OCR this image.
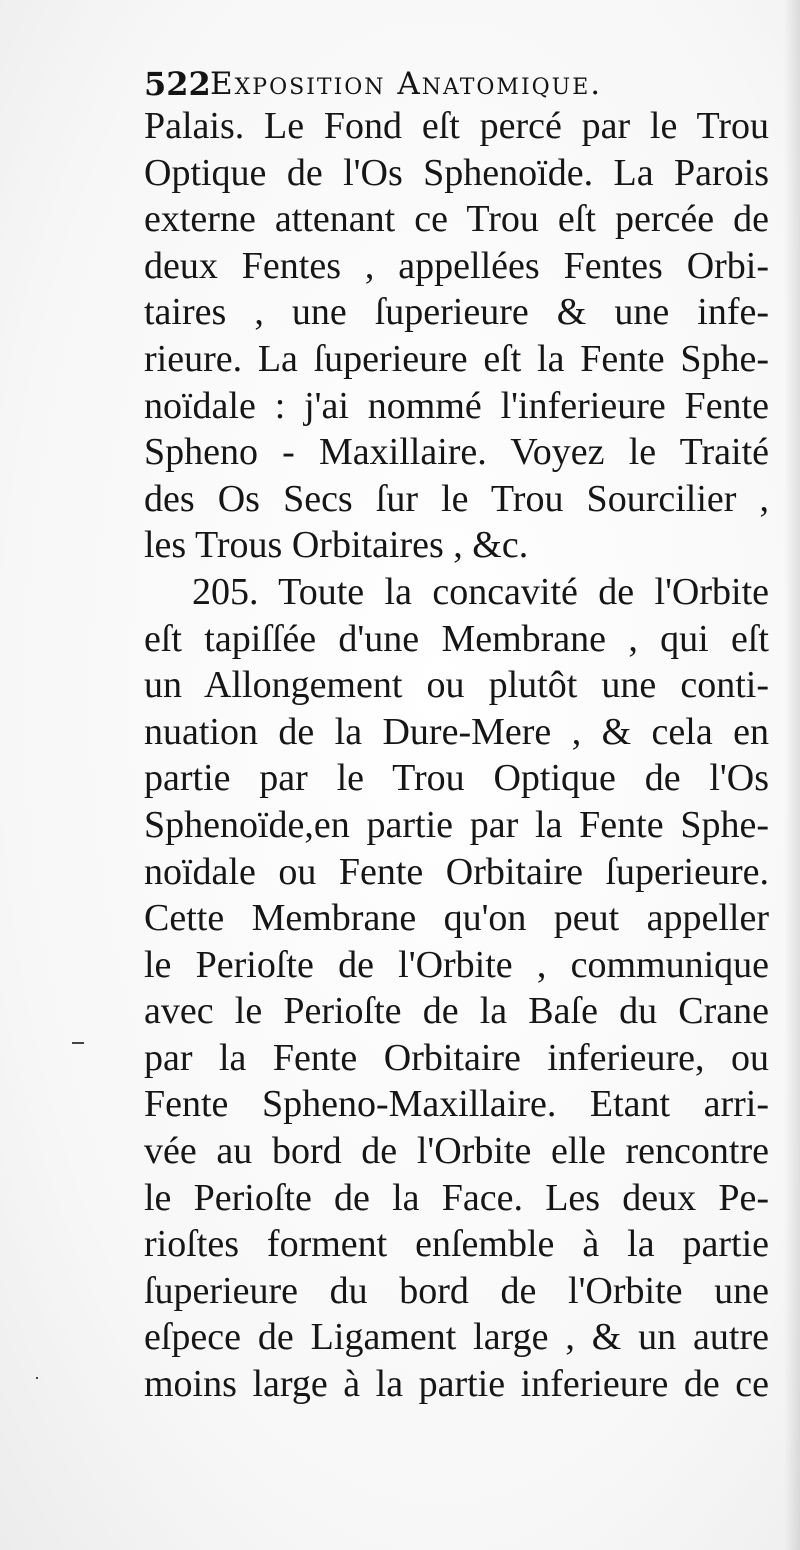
522 Exposition Anatomique.
Palais. Le Fond eſt percé par le Trou
Optique de l'Os Sphenoïde. La Parois
externe attenant ce Trou eſt percée de
deux Fentes , appellées Fentes Orbi-
taires , une ſuperieure & une infe-
rieure. La ſuperieure eſt la Fente Sphe-
noïdale : j'ai nommé l'inferieure Fente
Spheno - Maxillaire. Voyez le Traité
des Os Secs ſur le Trou Sourcilier ,
les Trous Orbitaires , &c.
205. Toute la concavité de l'Orbite
eſt tapiſſée d'une Membrane , qui eſt
un Allongement ou plutôt une conti-
nuation de la Dure-Mere , & cela en
partie par le Trou Optique de l'Os
Sphenoïde,en partie par la Fente Sphe-
noïdale ou Fente Orbitaire ſuperieure.
Cette Membrane qu'on peut appeller
le Perioſte de l'Orbite , communique
avec le Perioſte de la Baſe du Crane
par la Fente Orbitaire inferieure, ou
Fente Spheno-Maxillaire. Etant arri-
vée au bord de l'Orbite elle rencontre
le Perioſte de la Face. Les deux Pe-
rioſtes forment enſemble à la partie
ſuperieure du bord de l'Orbite une
eſpece de Ligament large , & un autre
moins large à la partie inferieure de ce
